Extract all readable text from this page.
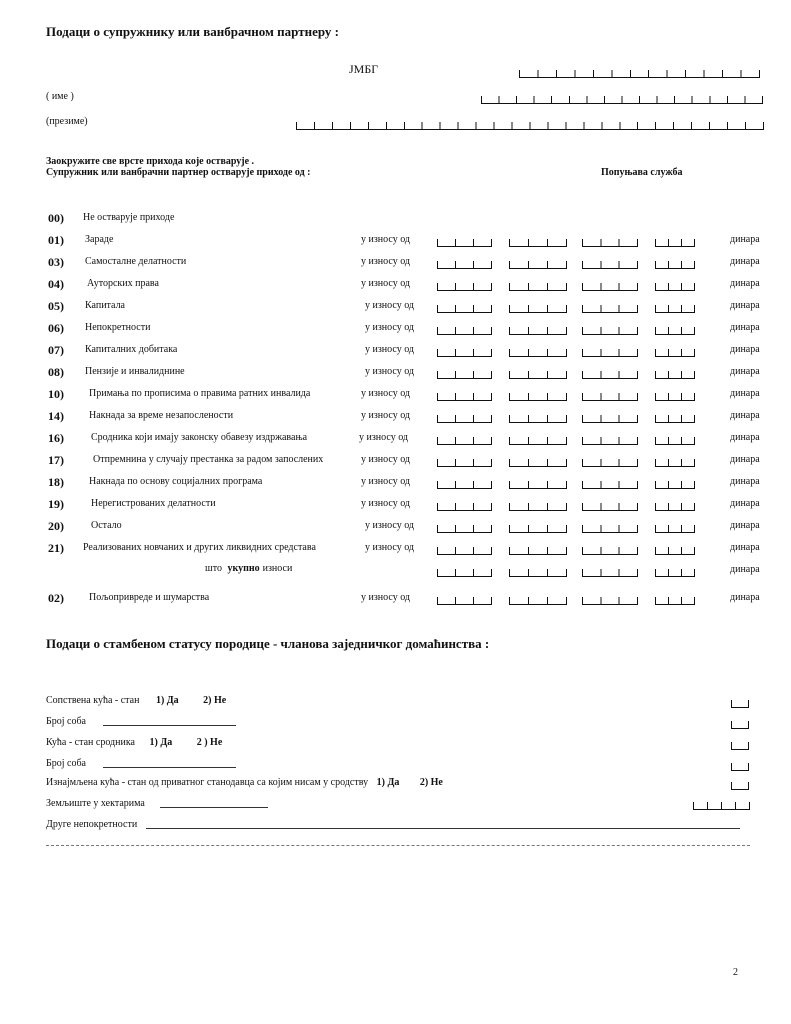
Подаци о супружнику или ванбрачном партнеру :
ЈМБГ
( име )
(презиме)
Заокружите све врсте прихода које остварује .
Супружник или ванбрачни партнер остварује приходе од :	Попуњава служба
00) Не остварује приходе
01) Зараде	у износу од	динара
03) Самосталне делатности	у износу од	динара
04) Ауторских права	у износу од	динара
05) Капитала	у износу од	динара
06) Непокретности	у износу од	динара
07) Капиталних добитака	у износу од	динара
08) Пензије и инвалиднине	у износу од	динара
10)	Примања по прописима о правима ратних инвалида	у износу од	динара
14)	Накнада за време незапослености	у износу од	динара
16)	Сродника који имају законску обавезу издржавања	у износу од	динара
17)	Отпремнина у случају престанка за радом запослених	у износу од	динара
18)	Накнада по основу социјалних програма	у износу од	динара
19)	Нерегистрованих делатности	у износу од	динара
20)	Остало	у износу од	динара
21) Реализованих новчаних и других ликвидних средстава	у износу од	динара
што укупно износи	динара
02)	Пољопривреде и шумарства	у износу од	динара
Подаци о стамбеном статусу породице - чланова заједничког домаћинства :
Сопствена кућа - стан 1) Да 2) Не
Број соба
Кућа - стан сродника 1) Да 2 ) Не
Број соба
Изнајмљена кућа - стан од приватног станодавца са којим нисам у сродству 1) Да 2) Не
Земљиште у хектарима
Друге непокретности
2
